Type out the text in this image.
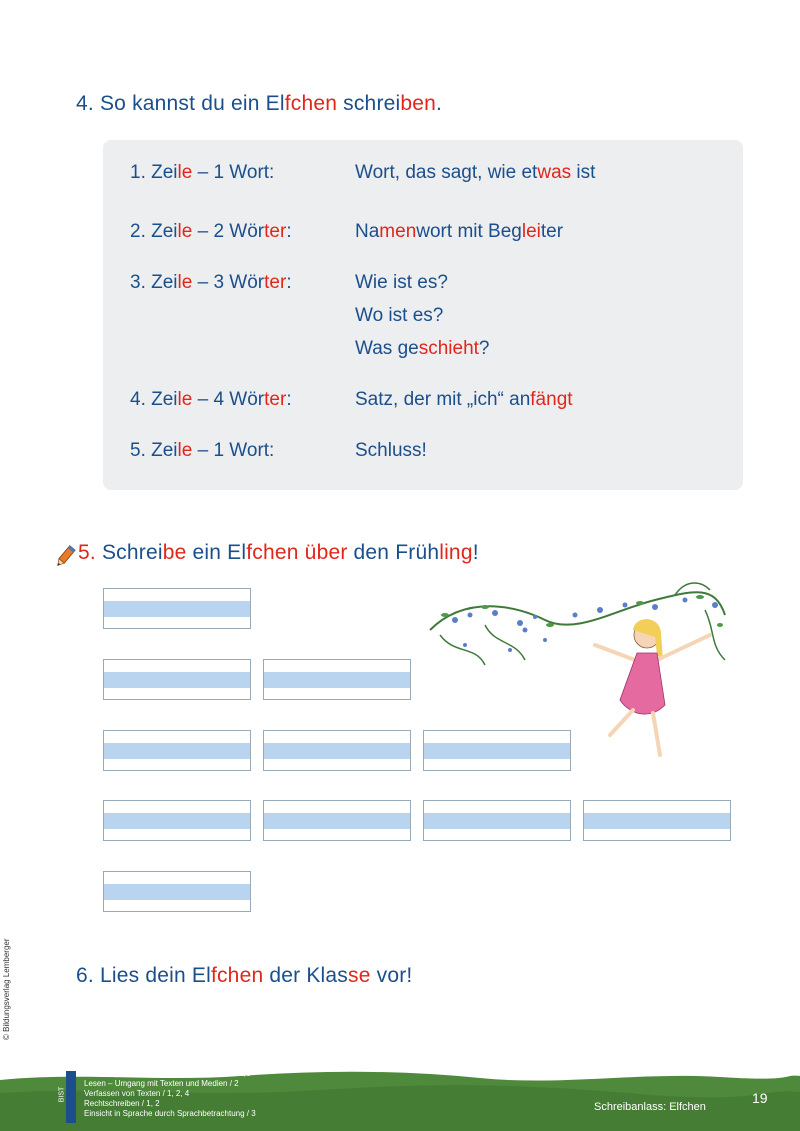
4. So kannst du ein Elfchen schreiben.
1. Zeile – 1 Wort:	Wort, das sagt, wie etwas ist
2. Zeile – 2 Wörter:	Namenwort mit Begleiter
3. Zeile – 3 Wörter:	Wie ist es?
Wo ist es?
Was geschieht?
4. Zeile – 4 Wörter:	Satz, der mit „ich“ anfängt
5. Zeile – 1 Wort:	Schluss!
5. Schreibe ein Elfchen über den Frühling!
6. Lies dein Elfchen der Klasse vor!
© Bildungsverlag Lemberger
BIST
Hören, Sprechen und Miteinander- Reden / 1,6
Lesen – Umgang mit Texten und Medien / 2
Verfassen von Texten / 1, 2, 4
Rechtschreiben / 1, 2
Einsicht in Sprache durch Sprachbetrachtung / 3
Schreibanlass: Elfchen
19
